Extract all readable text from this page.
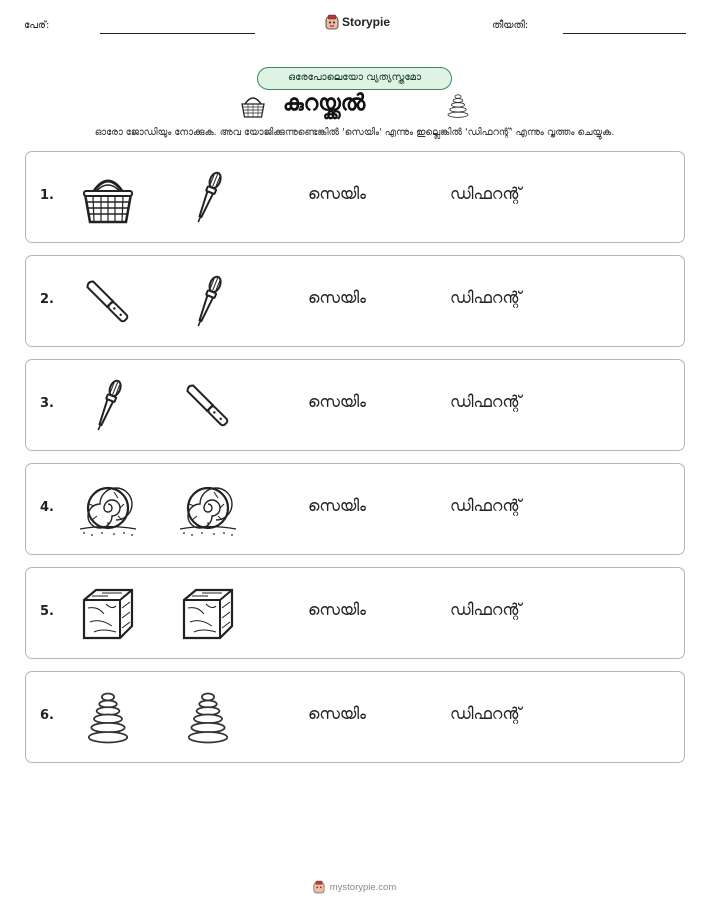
പേര്:	Storypie	തീയതി:
ഒരേപോലെയോ വ്യത്യസ്തമോ
കുറയ്ക്കൽ
ഓരോ ജോഡിയും നോക്കുക. അവ യോജിക്കുന്നുണ്ടെങ്കിൽ 'സെയിം' എന്നും ഇല്ലെങ്കിൽ 'ഡിഫറന്റ്' എന്നും വൃത്തം ചെയ്യുക.
1.	സെയിം	ഡിഫറന്റ്
2.	സെയിം	ഡിഫറന്റ്
3.	സെയിം	ഡിഫറന്റ്
4.	സെയിം	ഡിഫറന്റ്
5.	സെയിം	ഡിഫറന്റ്
6.	സെയിം	ഡിഫറന്റ്
mystorypie.com
